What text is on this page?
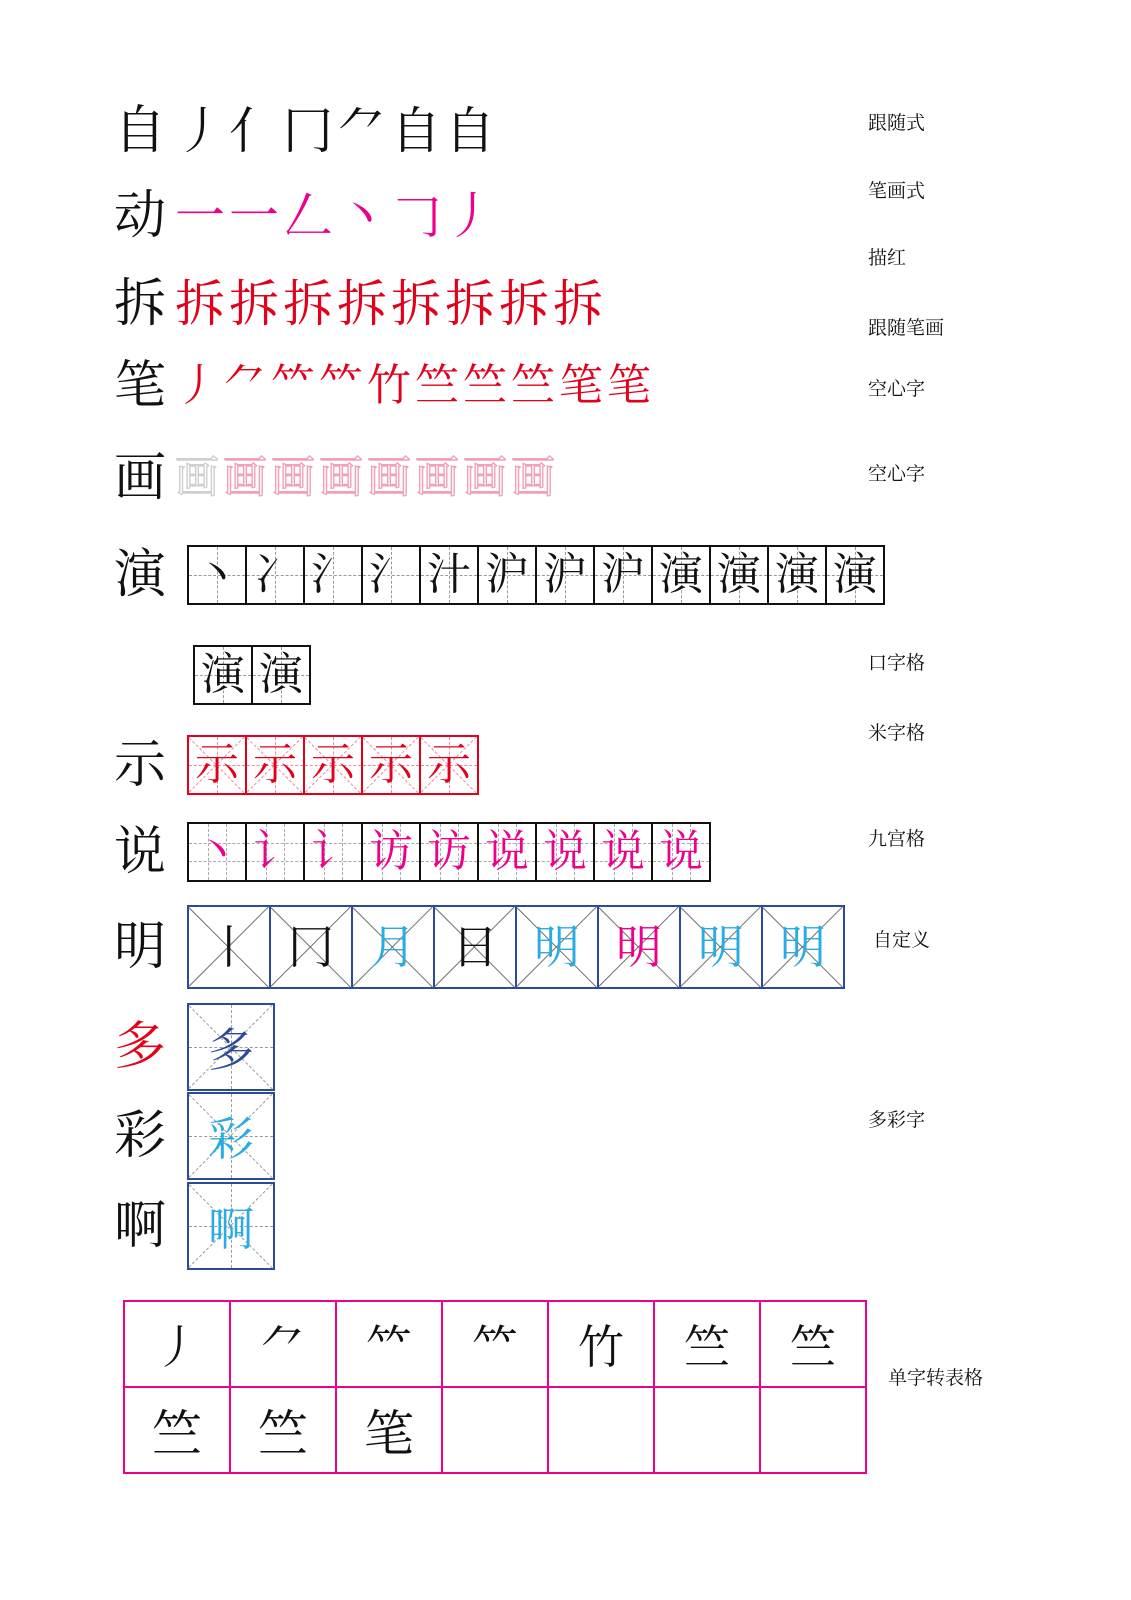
跟随式
笔画式
描红
跟随笔画
空心字
空心字
口字格
米字格
九宫格
自定义
多彩字
单字转表格
自 丿 亻 冂 ⺈ 自 自
动 一 一 𠃋 丶 𠃌 丿
拆 拆 拆 拆 拆 拆 拆 拆 拆
笔 丿 ⺈ 𥫗 𥫗 竹 竺 竺 竺 笔 笔
画 画 画 画 画 画 画 画 画
演 丶 冫 氵 氵 汁 沪 沪 沪 演 演 演 演
演 演
示 示 示 示 示 示
说 丶 讠 讠 访 访 说 说 说 说
明 丨 冂 月 日 明 明 明 明
多 多
彩 彩
啊 啊
丿	⺈	𥫗	𥫗	竹	竺	竺
竺	竺	笔				
